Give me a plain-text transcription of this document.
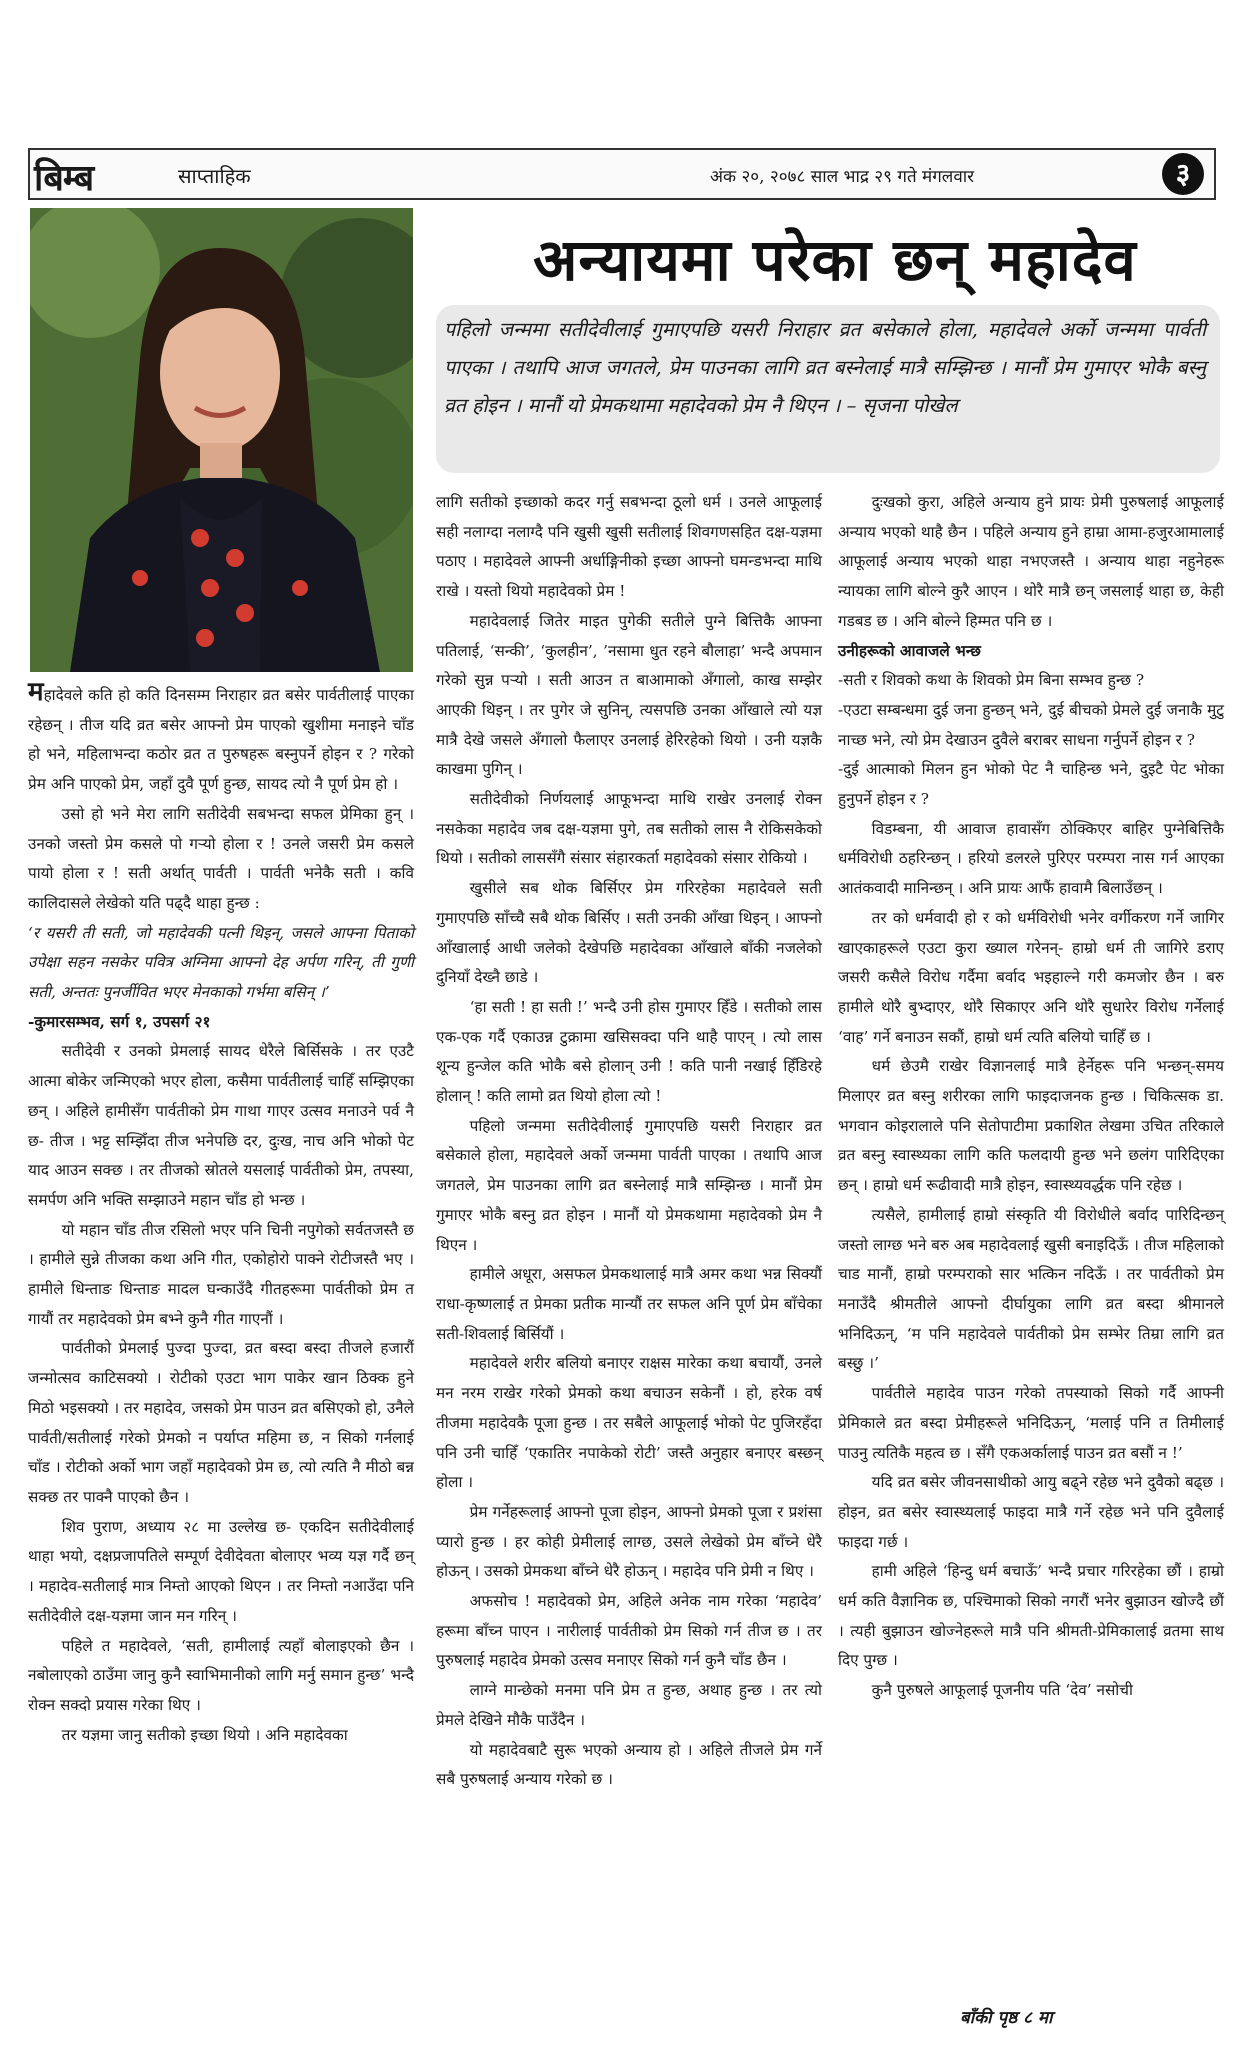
बिम्ब	साप्ताहिक	अंक २०, २०७८ साल भाद्र २९ गते मंगलवार	३
अन्यायमा परेका छन् महादेव

पहिलो जन्ममा सतीदेवीलाई गुमाएपछि यसरी निराहार व्रत बसेकाले होला, महादेवले अर्को जन्ममा पार्वती पाएका । तथापि आज जगतले, प्रेम पाउनका लागि व्रत बस्नेलाई मात्रै सम्झिन्छ । मानौं प्रेम गुमाएर भोकै बस्नु व्रत होइन । मानौं यो प्रेमकथामा महादेवको प्रेम नै थिएन । – सृजना पोखेल

महादेवले कति हो कति दिनसम्म निराहार व्रत बसेर पार्वतीलाई पाएका रहेछन् । तीज यदि व्रत बसेर आफ्नो प्रेम पाएको खुशीमा मनाइने चाँड हो भने, महिलाभन्दा कठोर व्रत त पुरुषहरू बस्नुपर्ने होइन र ? गरेको प्रेम अनि पाएको प्रेम, जहाँ दुवै पूर्ण हुन्छ, सायद त्यो नै पूर्ण प्रेम हो ।

उसो हो भने मेरा लागि सतीदेवी सबभन्दा सफल प्रेमिका हुन् । उनको जस्तो प्रेम कसले पो गऱ्यो होला र ! उनले जसरी प्रेम कसले पायो होला र ! सती अर्थात् पार्वती । पार्वती भनेकै सती । कवि कालिदासले लेखेको यति पढ्दै थाहा हुन्छ :

‘र यसरी ती सती, जो महादेवकी पत्नी थिइन्, जसले आफ्ना पिताको उपेक्षा सहन नसकेर पवित्र अग्निमा आफ्नो देह अर्पण गरिन्, ती गुणी सती, अन्ततः पुनर्जीवित भएर मेनकाको गर्भमा बसिन् ।’

-कुमारसम्भव, सर्ग १, उपसर्ग २१

सतीदेवी र उनको प्रेमलाई सायद धेरैले बिर्सिसके । तर एउटै आत्मा बोकेर जन्मिएको भएर होला, कसैमा पार्वतीलाई चाहिँ सम्झिएका छन् । अहिले हामीसँग पार्वतीको प्रेम गाथा गाएर उत्सव मनाउने पर्व नै छ- तीज । भट्ट सम्झिँदा तीज भनेपछि दर, दुःख, नाच अनि भोको पेट याद आउन सक्छ । तर तीजको स्रोतले यसलाई पार्वतीको प्रेम, तपस्या, समर्पण अनि भक्ति सम्झाउने महान चाँड हो भन्छ ।

यो महान चाँड तीज रसिलो भएर पनि चिनी नपुगेको सर्वतजस्तै छ । हामीले सुन्ने तीजका कथा अनि गीत, एकोहोरो पाक्ने रोटीजस्तै भए । हामीले धिन्ताङ धिन्ताङ मादल घन्काउँदै गीतहरूमा पार्वतीको प्रेम त गायौं तर महादेवको प्रेम बभ्ने कुनै गीत गाएनौं ।

पार्वतीको प्रेमलाई पुज्दा पुज्दा, व्रत बस्दा बस्दा तीजले हजारौं जन्मोत्सव काटिसक्यो । रोटीको एउटा भाग पाकेर खान ठिक्क हुने मिठो भइसक्यो । तर महादेव, जसको प्रेम पाउन व्रत बसिएको हो, उनैले पार्वती/सतीलाई गरेको प्रेमको न पर्याप्त महिमा छ, न सिको गर्नलाई चाँड । रोटीको अर्को भाग जहाँ महादेवको प्रेम छ, त्यो त्यति नै मीठो बन्न सक्छ तर पाक्नै पाएको छैन ।

शिव पुराण, अध्याय २८ मा उल्लेख छ- एकदिन सतीदेवीलाई थाहा भयो, दक्षप्रजापतिले सम्पूर्ण देवीदेवता बोलाएर भव्य यज्ञ गर्दै छन् । महादेव-सतीलाई मात्र निम्तो आएको थिएन । तर निम्तो नआउँदा पनि सतीदेवीले दक्ष-यज्ञमा जान मन गरिन् ।

पहिले त महादेवले, ‘सती, हामीलाई त्यहाँ बोलाइएको छैन । नबोलाएको ठाउँमा जानु कुनै स्वाभिमानीको लागि मर्नु समान हुन्छ’ भन्दै रोक्न सक्दो प्रयास गरेका थिए ।

तर यज्ञमा जानु सतीको इच्छा थियो । अनि महादेवका

लागि सतीको इच्छाको कदर गर्नु सबभन्दा ठूलो धर्म । उनले आफूलाई सही नलाग्दा नलाग्दै पनि खुसी खुसी सतीलाई शिवगणसहित दक्ष-यज्ञमा पठाए । महादेवले आफ्नी अर्धाङ्गिनीको इच्छा आफ्नो घमन्डभन्दा माथि राखे । यस्तो थियो महादेवको प्रेम !

महादेवलाई जितेर माइत पुगेकी सतीले पुग्ने बित्तिकै आफ्ना पतिलाई, ‘सन्की’, ‘कुलहीन’, ’नसामा धुत रहने बौलाहा’ भन्दै अपमान गरेको सुन्न पऱ्यो । सती आउन त बाआमाको अँगालो, काख सम्झेर आएकी थिइन् । तर पुगेर जे सुनिन्, त्यसपछि उनका आँखाले त्यो यज्ञ मात्रै देखे जसले अँगालो फैलाएर उनलाई हेरिरहेको थियो । उनी यज्ञकै काखमा पुगिन् ।

सतीदेवीको निर्णयलाई आफूभन्दा माथि राखेर उनलाई रोक्न नसकेका महादेव जब दक्ष-यज्ञमा पुगे, तब सतीको लास नै रोकिसकेको थियो । सतीको लाससँगै संसार संहारकर्ता महादेवको संसार रोकियो ।

खुसीले सब थोक बिर्सिएर प्रेम गरिरहेका महादेवले सती गुमाएपछि साँच्चै सबै थोक बिर्सिए । सती उनकी आँखा थिइन् । आफ्नो आँखालाई आधी जलेको देखेपछि महादेवका आँखाले बाँकी नजलेको दुनियाँ देख्नै छाडे ।

‘हा सती ! हा सती !’ भन्दै उनी होस गुमाएर हिँडे । सतीको लास एक-एक गर्दै एकाउन्न टुक्रामा खसिसक्दा पनि थाहै पाएन् । त्यो लास शून्य हुन्जेल कति भोकै बसे होलान् उनी ! कति पानी नखाई हिँडिरहे होलान् ! कति लामो व्रत थियो होला त्यो !

पहिलो जन्ममा सतीदेवीलाई गुमाएपछि यसरी निराहार व्रत बसेकाले होला, महादेवले अर्को जन्ममा पार्वती पाएका । तथापि आज जगतले, प्रेम पाउनका लागि व्रत बस्नेलाई मात्रै सम्झिन्छ । मानौं प्रेम गुमाएर भोकै बस्नु व्रत होइन । मानौं यो प्रेमकथामा महादेवको प्रेम नै थिएन ।

हामीले अधूरा, असफल प्रेमकथालाई मात्रै अमर कथा भन्न सिक्यौं राधा-कृष्णलाई त प्रेमका प्रतीक मान्यौं तर सफल अनि पूर्ण प्रेम बाँचेका सती-शिवलाई बिर्सियौं ।

महादेवले शरीर बलियो बनाएर राक्षस मारेका कथा बचायौं, उनले मन नरम राखेर गरेको प्रेमको कथा बचाउन सकेनौं । हो, हरेक वर्ष तीजमा महादेवकै पूजा हुन्छ । तर सबैले आफूलाई भोको पेट पुजिरहँदा पनि उनी चाहिँ ‘एकातिर नपाकेको रोटी’ जस्तै अनुहार बनाएर बस्छन् होला ।

प्रेम गर्नेहरूलाई आफ्नो पूजा होइन, आफ्नो प्रेमको पूजा र प्रशंसा प्यारो हुन्छ । हर कोही प्रेमीलाई लाग्छ, उसले लेखेको प्रेम बाँच्ने धेरै होऊन् । उसको प्रेमकथा बाँच्ने धेरै होऊन् । महादेव पनि प्रेमी न थिए ।

अफसोच ! महादेवको प्रेम, अहिले अनेक नाम गरेका ‘महादेव’ हरूमा बाँच्न पाएन । नारीलाई पार्वतीको प्रेम सिको गर्न तीज छ । तर पुरुषलाई महादेव प्रेमको उत्सव मनाएर सिको गर्न कुनै चाँड छैन ।

लाग्ने मान्छेको मनमा पनि प्रेम त हुन्छ, अथाह हुन्छ । तर त्यो प्रेमले देखिने मौकै पाउँदैन ।

यो महादेवबाटै सुरू भएको अन्याय हो । अहिले तीजले प्रेम गर्ने सबै पुरुषलाई अन्याय गरेको छ ।

दुःखको कुरा, अहिले अन्याय हुने प्रायः प्रेमी पुरुषलाई आफूलाई अन्याय भएको थाहै छैन । पहिले अन्याय हुने हाम्रा आमा-हजुरआमालाई आफूलाई अन्याय भएको थाहा नभएजस्तै । अन्याय थाहा नहुनेहरू न्यायका लागि बोल्ने कुरै आएन । थोरै मात्रै छन् जसलाई थाहा छ, केही गडबड छ । अनि बोल्ने हिम्मत पनि छ ।

उनीहरूको आवाजले भन्छ

-सती र शिवको कथा के शिवको प्रेम बिना सम्भव हुन्छ ?

-एउटा सम्बन्धमा दुई जना हुन्छन् भने, दुई बीचको प्रेमले दुई जनाकै मुटु नाच्छ भने, त्यो प्रेम देखाउन दुवैले बराबर साधना गर्नुपर्ने होइन र ?

-दुई आत्माको मिलन हुन भोको पेट नै चाहिन्छ भने, दुइटै पेट भोका हुनुपर्ने होइन र ?

विडम्बना, यी आवाज हावासँग ठोक्किएर बाहिर पुग्नेबित्तिकै धर्मविरोधी ठहरिन्छन् । हरियो डलरले पुरिएर परम्परा नास गर्न आएका आतंकवादी मानिन्छन् । अनि प्रायः आफैं हावामै बिलाउँछन् ।

तर को धर्मवादी हो र को धर्मविरोधी भनेर वर्गीकरण गर्ने जागिर खाएकाहरूले एउटा कुरा ख्याल गरेनन्- हाम्रो धर्म ती जागिरे डराए जसरी कसैले विरोध गर्दैमा बर्वाद भइहाल्ने गरी कमजोर छैन । बरु हामीले थोरै बुभ्दाएर, थोरै सिकाएर अनि थोरै सुधारेर विरोध गर्नेलाई ‘वाह’ गर्ने बनाउन सकौं, हाम्रो धर्म त्यति बलियो चाहिँ छ ।

धर्म छेउमै राखेर विज्ञानलाई मात्रै हेर्नेहरू पनि भन्छन्-समय मिलाएर व्रत बस्नु शरीरका लागि फाइदाजनक हुन्छ । चिकित्सक डा. भगवान कोइरालाले पनि सेतोपाटीमा प्रकाशित लेखमा उचित तरिकाले व्रत बस्नु स्वास्थ्यका लागि कति फलदायी हुन्छ भने छलंग पारिदिएका छन् । हाम्रो धर्म रूढीवादी मात्रै होइन, स्वास्थ्यवर्द्धक पनि रहेछ ।

त्यसैले, हामीलाई हाम्रो संस्कृति यी विरोधीले बर्वाद पारिदिन्छन् जस्तो लाग्छ भने बरु अब महादेवलाई खुसी बनाइदिऊँ । तीज महिलाको चाड मानौं, हाम्रो परम्पराको सार भत्किन नदिऊँ । तर पार्वतीको प्रेम मनाउँदै श्रीमतीले आफ्नो दीर्घायुका लागि व्रत बस्दा श्रीमानले भनिदिऊन्, ‘म पनि महादेवले पार्वतीको प्रेम सम्भेर तिम्रा लागि व्रत बस्छु ।’

पार्वतीले महादेव पाउन गरेको तपस्याको सिको गर्दै आफ्नी प्रेमिकाले व्रत बस्दा प्रेमीहरूले भनिदिऊन्, ‘मलाई पनि त तिमीलाई पाउनु त्यतिकै महत्व छ । सँगै एकअर्कालाई पाउन व्रत बसौं न !’

यदि व्रत बसेर जीवनसाथीको आयु बढ्ने रहेछ भने दुवैको बढ्छ । होइन, व्रत बसेर स्वास्थ्यलाई फाइदा मात्रै गर्ने रहेछ भने पनि दुवैलाई फाइदा गर्छ ।

हामी अहिले ‘हिन्दु धर्म बचाऊँ’ भन्दै प्रचार गरिरहेका छौं । हाम्रो धर्म कति वैज्ञानिक छ, पश्चिमाको सिको नगरौं भनेर बुझाउन खोज्दै छौं । त्यही बुझाउन खोज्नेहरूले मात्रै पनि श्रीमती-प्रेमिकालाई व्रतमा साथ दिए पुग्छ ।

कुनै पुरुषले आफूलाई पूजनीय पति ‘देव’ नसोची

बाँकी पृष्ठ ८ मा
